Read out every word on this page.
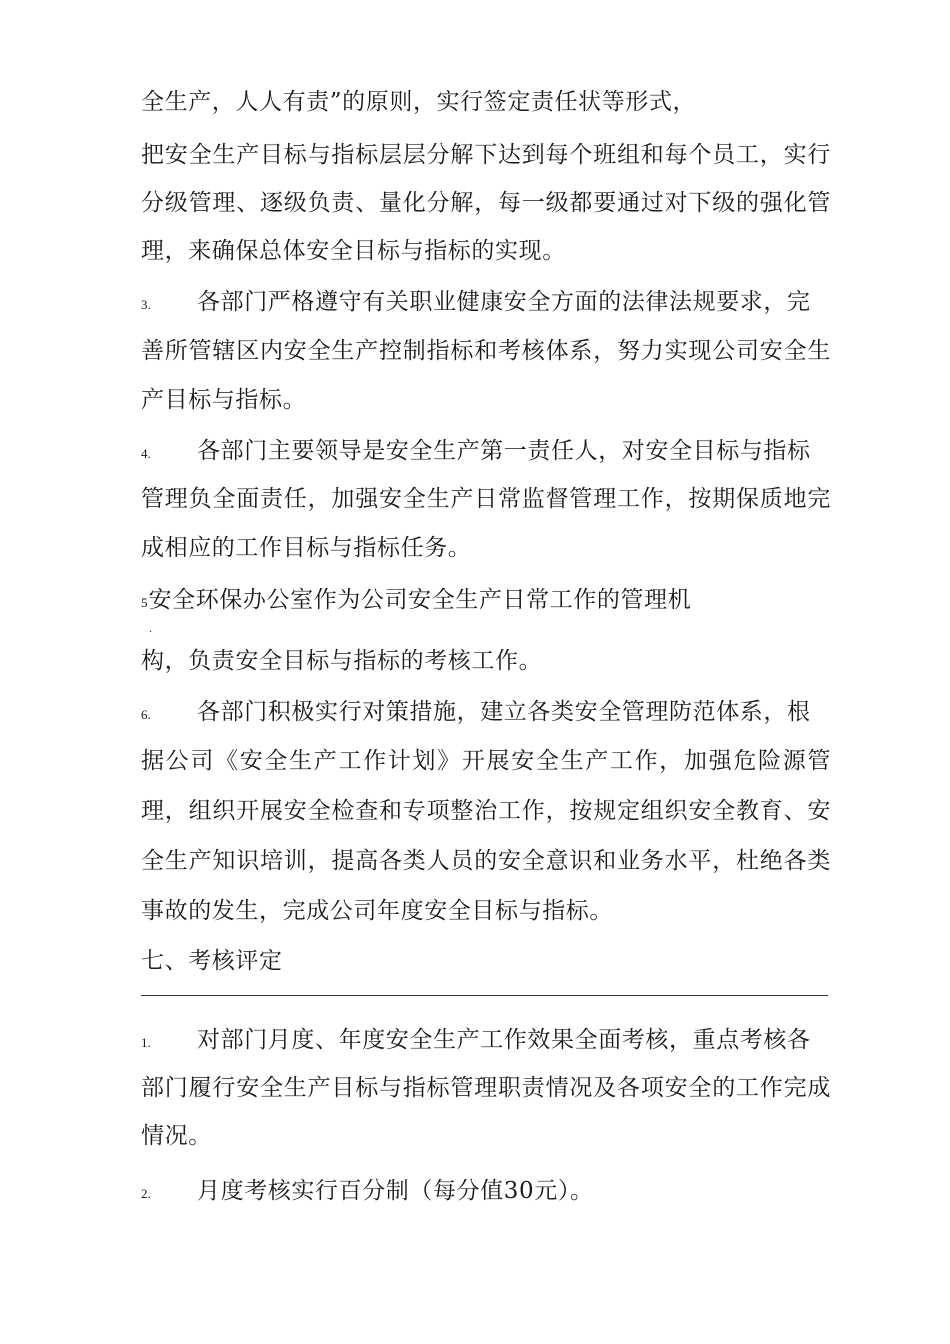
全生产，人人有责”的原则，实行签定责任状等形式，
把安全生产目标与指标层层分解下达到每个班组和每个员工，实行
分级管理、逐级负责、量化分解，每一级都要通过对下级的强化管
理，来确保总体安全目标与指标的实现。
3. 各部门严格遵守有关职业健康安全方面的法律法规要求，完
善所管辖区内安全生产控制指标和考核体系，努力实现公司安全生
产目标与指标。
4. 各部门主要领导是安全生产第一责任人，对安全目标与指标
管理负全面责任，加强安全生产日常监督管理工作，按期保质地完
成相应的工作目标与指标任务。
5安全环保办公室作为公司安全生产日常工作的管理机
.
构，负责安全目标与指标的考核工作。
6. 各部门积极实行对策措施，建立各类安全管理防范体系，根
据公司《安全生产工作计划》开展安全生产工作，加强危险源管
理，组织开展安全检查和专项整治工作，按规定组织安全教育、安
全生产知识培训，提高各类人员的安全意识和业务水平，杜绝各类
事故的发生，完成公司年度安全目标与指标。
七、考核评定
1. 对部门月度、年度安全生产工作效果全面考核，重点考核各
部门履行安全生产目标与指标管理职责情况及各项安全的工作完成
情况。
2. 月度考核实行百分制（每分值30元）。
